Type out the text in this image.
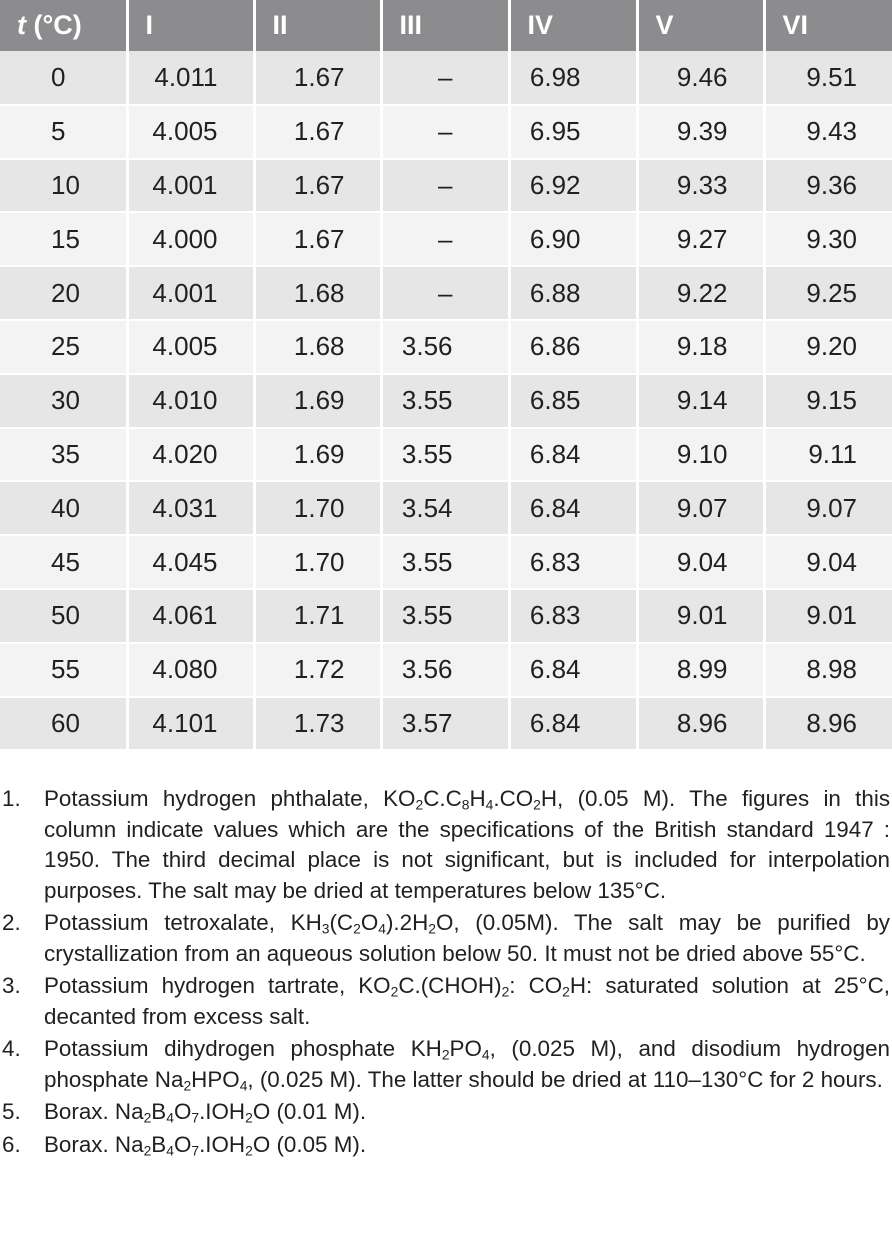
t (°C)	I	II	III	IV	V	VI
0	4.011	1.67	–	6.98	9.46	9.51
5	4.005	1.67	–	6.95	9.39	9.43
10	4.001	1.67	–	6.92	9.33	9.36
15	4.000	1.67	–	6.90	9.27	9.30
20	4.001	1.68	–	6.88	9.22	9.25
25	4.005	1.68	3.56	6.86	9.18	9.20
30	4.010	1.69	3.55	6.85	9.14	9.15
35	4.020	1.69	3.55	6.84	9.10	9.11
40	4.031	1.70	3.54	6.84	9.07	9.07
45	4.045	1.70	3.55	6.83	9.04	9.04
50	4.061	1.71	3.55	6.83	9.01	9.01
55	4.080	1.72	3.56	6.84	8.99	8.98
60	4.101	1.73	3.57	6.84	8.96	8.96
1.	Potassium hydrogen phthalate, $KO_2C.C_8H_4.CO_2H$, (0.05 M). The figures in this column indicate values which are the specifications of the British standard 1947 : 1950. The third decimal place is not significant, but is included for interpolation purposes. The salt may be dried at temperatures below 135°C.
2.	Potassium tetroxalate, $KH_3(C_2O_4).2H_2O$, (0.05M). The salt may be purified by crystallization from an aqueous solution below 50. It must not be dried above 55°C.
3.	Potassium hydrogen tartrate, $KO_2C.(CHOH)_2$: $CO_2H$: saturated solution at 25°C, decanted from excess salt.
4.	Potassium dihydrogen phosphate $KH_2PO_4$, (0.025 M), and disodium hydrogen phosphate $Na_2HPO_4$, (0.025 M). The latter should be dried at 110–130°C for 2 hours.
5.	Borax. $Na_2B_4O_7.IOH_2O$ (0.01 M).
6.	Borax. $Na_2B_4O_7.IOH_2O$ (0.05 M).
